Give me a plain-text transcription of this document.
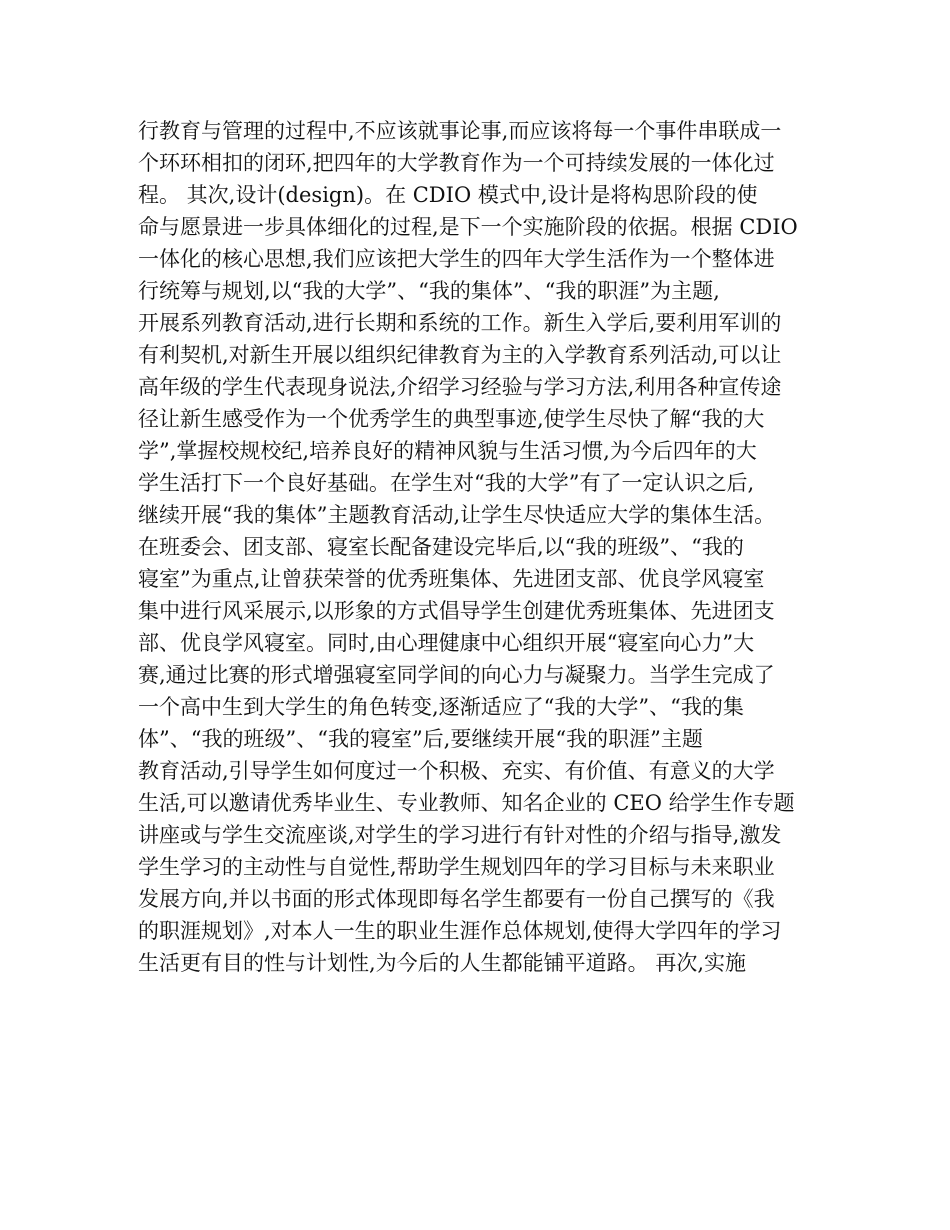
行教育与管理的过程中,不应该就事论事,而应该将每一个事件串联成一
个环环相扣的闭环,把四年的大学教育作为一个可持续发展的一体化过
程。 其次,设计(design)。在 CDIO 模式中,设计是将构思阶段的使
命与愿景进一步具体细化的过程,是下一个实施阶段的依据。根据 CDIO
一体化的核心思想,我们应该把大学生的四年大学生活作为一个整体进
行统筹与规划,以“我的大学”、“我的集体”、“我的职涯”为主题,
开展系列教育活动,进行长期和系统的工作。新生入学后,要利用军训的
有利契机,对新生开展以组织纪律教育为主的入学教育系列活动,可以让
高年级的学生代表现身说法,介绍学习经验与学习方法,利用各种宣传途
径让新生感受作为一个优秀学生的典型事迹,使学生尽快了解“我的大
学”,掌握校规校纪,培养良好的精神风貌与生活习惯,为今后四年的大
学生活打下一个良好基础。在学生对“我的大学”有了一定认识之后,
继续开展“我的集体”主题教育活动,让学生尽快适应大学的集体生活。
在班委会、团支部、寝室长配备建设完毕后,以“我的班级”、“我的
寝室”为重点,让曾获荣誉的优秀班集体、先进团支部、优良学风寝室
集中进行风采展示,以形象的方式倡导学生创建优秀班集体、先进团支
部、优良学风寝室。同时,由心理健康中心组织开展“寝室向心力”大
赛,通过比赛的形式增强寝室同学间的向心力与凝聚力。当学生完成了
一个高中生到大学生的角色转变,逐渐适应了“我的大学”、“我的集
体”、“我的班级”、“我的寝室”后,要继续开展“我的职涯”主题
教育活动,引导学生如何度过一个积极、充实、有价值、有意义的大学
生活,可以邀请优秀毕业生、专业教师、知名企业的 CEO 给学生作专题
讲座或与学生交流座谈,对学生的学习进行有针对性的介绍与指导,激发
学生学习的主动性与自觉性,帮助学生规划四年的学习目标与未来职业
发展方向,并以书面的形式体现即每名学生都要有一份自己撰写的《我
的职涯规划》,对本人一生的职业生涯作总体规划,使得大学四年的学习
生活更有目的性与计划性,为今后的人生都能铺平道路。 再次,实施
